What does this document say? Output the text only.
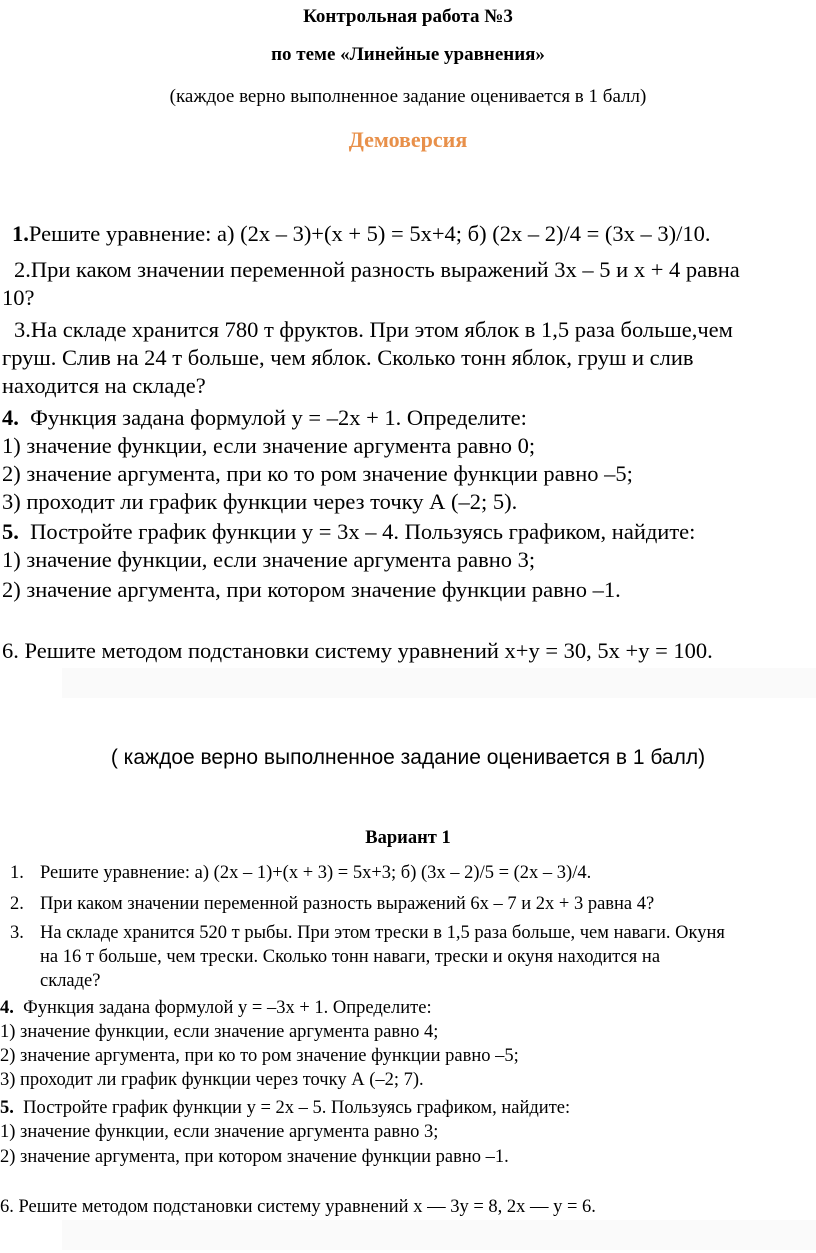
Контрольная работа №3
по теме «Линейные уравнения»
(каждое верно выполненное задание оценивается в 1 балл)
Демоверсия
1.Решите уравнение: а) (2х – 3)+(х + 5) = 5х+4; б) (2х – 2)/4 = (3х – 3)/10.
2.При каком значении переменной разность выражений 3х – 5 и х + 4 равна
10?
3.На складе хранится 780 т фруктов. При этом яблок в 1,5 раза больше,чем
груш. Слив на 24 т больше, чем яблок. Сколько тонн яблок, груш и слив
находится на складе?
4. Функция задана формулой у = –2х + 1. Определите:
1) значение функции, если значение аргумента равно 0;
2) значение аргумента, при ко то ром значение функции равно –5;
3) проходит ли график функции через точку А (–2; 5).
5. Постройте график функции у = 3х – 4. Пользуясь графиком, найдите:
1) значение функции, если значение аргумента равно 3;
2) значение аргумента, при котором значение функции равно –1.
6. Решите методом подстановки систему уравнений х+у = 30, 5х +у = 100.
( каждое верно выполненное задание оценивается в 1 балл)
Вариант 1
1. Решите уравнение: а) (2х – 1)+(х + 3) = 5х+3; б) (3х – 2)/5 = (2х – 3)/4.
2. При каком значении переменной разность выражений 6х – 7 и 2х + 3 равна 4?
3. На складе хранится 520 т рыбы. При этом трески в 1,5 раза больше, чем наваги. Окуня
на 16 т больше, чем трески. Сколько тонн наваги, трески и окуня находится на
складе?
4. Функция задана формулой у = –3х + 1. Определите:
1) значение функции, если значение аргумента равно 4;
2) значение аргумента, при ко то ром значение функции равно –5;
3) проходит ли график функции через точку А (–2; 7).
5. Постройте график функции у = 2х – 5. Пользуясь графиком, найдите:
1) значение функции, если значение аргумента равно 3;
2) значение аргумента, при котором значение функции равно –1.
6. Решите методом подстановки систему уравнений х — 3у = 8, 2х — у = 6.
